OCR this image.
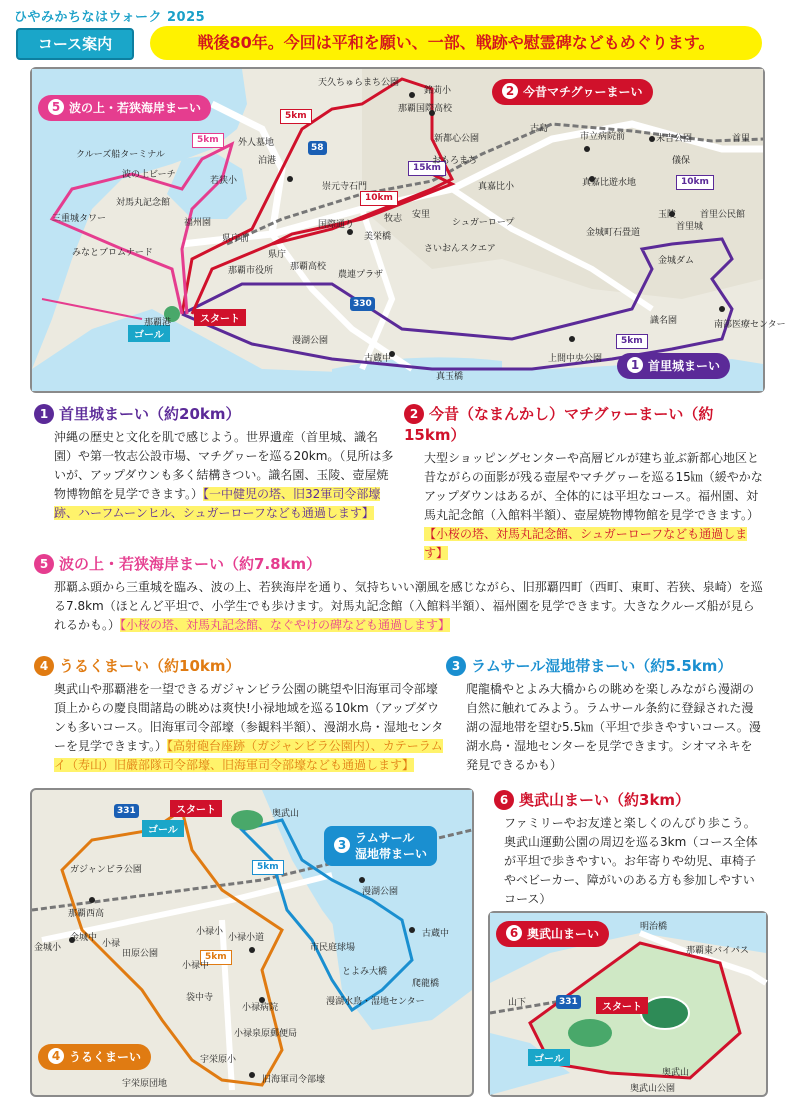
ひやみかちなはウォーク 2025
コース案内	戦後80年。今回は平和を願い、一部、戦跡や慰霊碑などもめぐります。
5 波の上・若狭海岸まーい
2 今昔マチグヮーまーい
1 首里城まーい
ゴール
スタート
5km
5km
10km
15km
10km
5km
58
330
天久ちゅらまち公園
銘苅小
那覇国際高校
新都心公園
外人墓地
泊港
クルーズ船ターミナル
波の上ビーチ
三重城タワー
若狭小
対馬丸記念館
福州園
崇元寺石門	真嘉比小
シュガーロープ
さいおんスクエア
県庁前
県庁
那覇市役所 那覇高校
農連プラザ
国際通り
みなとブロムナード
漫湖公園
古蔵中
真玉橋
末吉公園
真嘉比遊水地
首里公民館
首里城
玉陵
金城町石畳道
金城ダム
識名園	南部医療センター
上間中央公園
古島
市立病院前
儀保
首里
おもろまち
牧志 安里
美栄橋
那覇港
1 首里城まーい（約20km）
沖縄の歴史と文化を肌で感じよう。世界遺産（首里城、識名園）や第一牧志公設市場、マチグヮーを巡る20km。（見所は多いが、アップダウンも多く結構きつい。識名園、玉陵、壺屋焼物博物館を見学できます。）【一中健児の塔、旧32軍司令部壕跡、ハーフムーンヒル、シュガーローフなども通過します】
2 今昔（なまんかし）マチグヮーまーい（約15km）
大型ショッピングセンターや高層ビルが建ち並ぶ新都心地区と昔ながらの面影が残る壺屋やマチグヮーを巡る15㎞（緩やかなアップダウンはあるが、全体的には平坦なコース。福州園、対馬丸記念館（入館料半額）、壺屋焼物博物館を見学できます。）【小桜の塔、対馬丸記念館、シュガーローフなども通過します】
5 波の上・若狭海岸まーい（約7.8km）
那覇ふ頭から三重城を臨み、波の上、若狭海岸を通り、気持ちいい潮風を感じながら、旧那覇四町（西町、東町、若狭、泉崎）を巡る7.8km（ほとんど平坦で、小学生でも歩けます。対馬丸記念館（入館料半額）、福州園を見学できます。大きなクルーズ船が見られるかも。）【小桜の塔、対馬丸記念館、なぐやけの碑なども通過します】
4 うるくまーい（約10km）
奥武山や那覇港を一望できるガジャンビラ公園の眺望や旧海軍司令部壕頂上からの慶良間諸島の眺めは爽快!小禄地域を巡る10km（アップダウンも多いコース。旧海軍司令部壕（参観料半額）、漫湖水鳥・湿地センターを見学できます。）【高射砲台座跡（ガジャンビラ公園内）、カテーラムイ（寿山）旧嚴部隊司令部壕、旧海軍司令部壕なども通過します】
3 ラムサール湿地帯まーい（約5.5km）
爬龍橋やとよみ大橋からの眺めを楽しみながら漫湖の自然に触れてみよう。ラムサール条約に登録された漫湖の湿地帯を望む5.5㎞（平坦で歩きやすいコース。漫湖水鳥・湿地センターを見学できます。シオマネキを発見できるかも）
6 奥武山まーい（約3km）
ファミリーやお友達と楽しくのんびり歩こう。奥武山運動公園の周辺を巡る3km（コース全体が平坦で歩きやすい。お年寄りや幼児、車椅子やベビーカー、障がいのある方も参加しやすいコース）
3 ラムサール
湿地帯まーい
4 うるくまーい
スタート
ゴール
5km
5km
331
ガジャンビラ公園
那覇西高
金城中
金城小	小禄
田原公園
小禄小
小禄中
袋中寺
小禄病院
小禄泉原郵便局
宇栄原小
宇栄原団地	旧海軍司令部壕
小禄小道
漫湖公園
古蔵中
市民庭球場
とよみ大橋
爬龍橋
漫湖水鳥・湿地センター
奥武山
6 奥武山まーい
スタート
ゴール
331
明治橋
那覇東バイパス
山下
奥武山
奥武山公園
